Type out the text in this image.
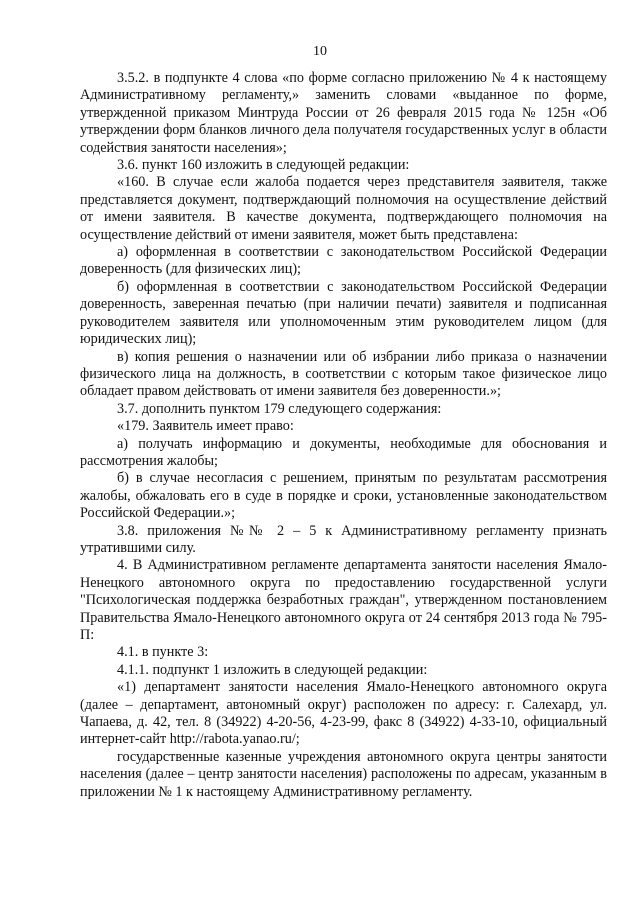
10

3.5.2. в подпункте 4 слова «по форме согласно приложению № 4 к настоящему Административному регламенту,» заменить словами «выданное по форме, утвержденной приказом Минтруда России от 26 февраля 2015 года № 125н «Об утверждении форм бланков личного дела получателя государственных услуг в области содействия занятости населения»;

3.6. пункт 160 изложить в следующей редакции:

«160. В случае если жалоба подается через представителя заявителя, также представляется документ, подтверждающий полномочия на осуществление действий от имени заявителя. В качестве документа, подтверждающего полномочия на осуществление действий от имени заявителя, может быть представлена:

а) оформленная в соответствии с законодательством Российской Федерации доверенность (для физических лиц);

б) оформленная в соответствии с законодательством Российской Федерации доверенность, заверенная печатью (при наличии печати) заявителя и подписанная руководителем заявителя или уполномоченным этим руководителем лицом (для юридических лиц);

в) копия решения о назначении или об избрании либо приказа о назначении физического лица на должность, в соответствии с которым такое физическое лицо обладает правом действовать от имени заявителя без доверенности.»;

3.7. дополнить пунктом 179 следующего содержания:

«179. Заявитель имеет право:

а) получать информацию и документы, необходимые для обоснования и рассмотрения жалобы;

б) в случае несогласия с решением, принятым по результатам рассмотрения жалобы, обжаловать его в суде в порядке и сроки, установленные законодательством Российской Федерации.»;

3.8. приложения №№ 2 – 5 к Административному регламенту признать утратившими силу.

4. В Административном регламенте департамента занятости населения Ямало-Ненецкого автономного округа по предоставлению государственной услуги "Психологическая поддержка безработных граждан", утвержденном постановлением Правительства Ямало-Ненецкого автономного округа от 24 сентября 2013 года № 795-П:

4.1. в пункте 3:

4.1.1. подпункт 1 изложить в следующей редакции:

«1) департамент занятости населения Ямало-Ненецкого автономного округа (далее – департамент, автономный округ) расположен по адресу: г. Салехард, ул. Чапаева, д. 42, тел. 8 (34922) 4-20-56, 4-23-99, факс 8 (34922) 4-33-10, официальный интернет-сайт http://rabota.yanao.ru/;

государственные казенные учреждения автономного округа центры занятости населения (далее – центр занятости населения) расположены по адресам, указанным в приложении № 1 к настоящему Административному регламенту.
